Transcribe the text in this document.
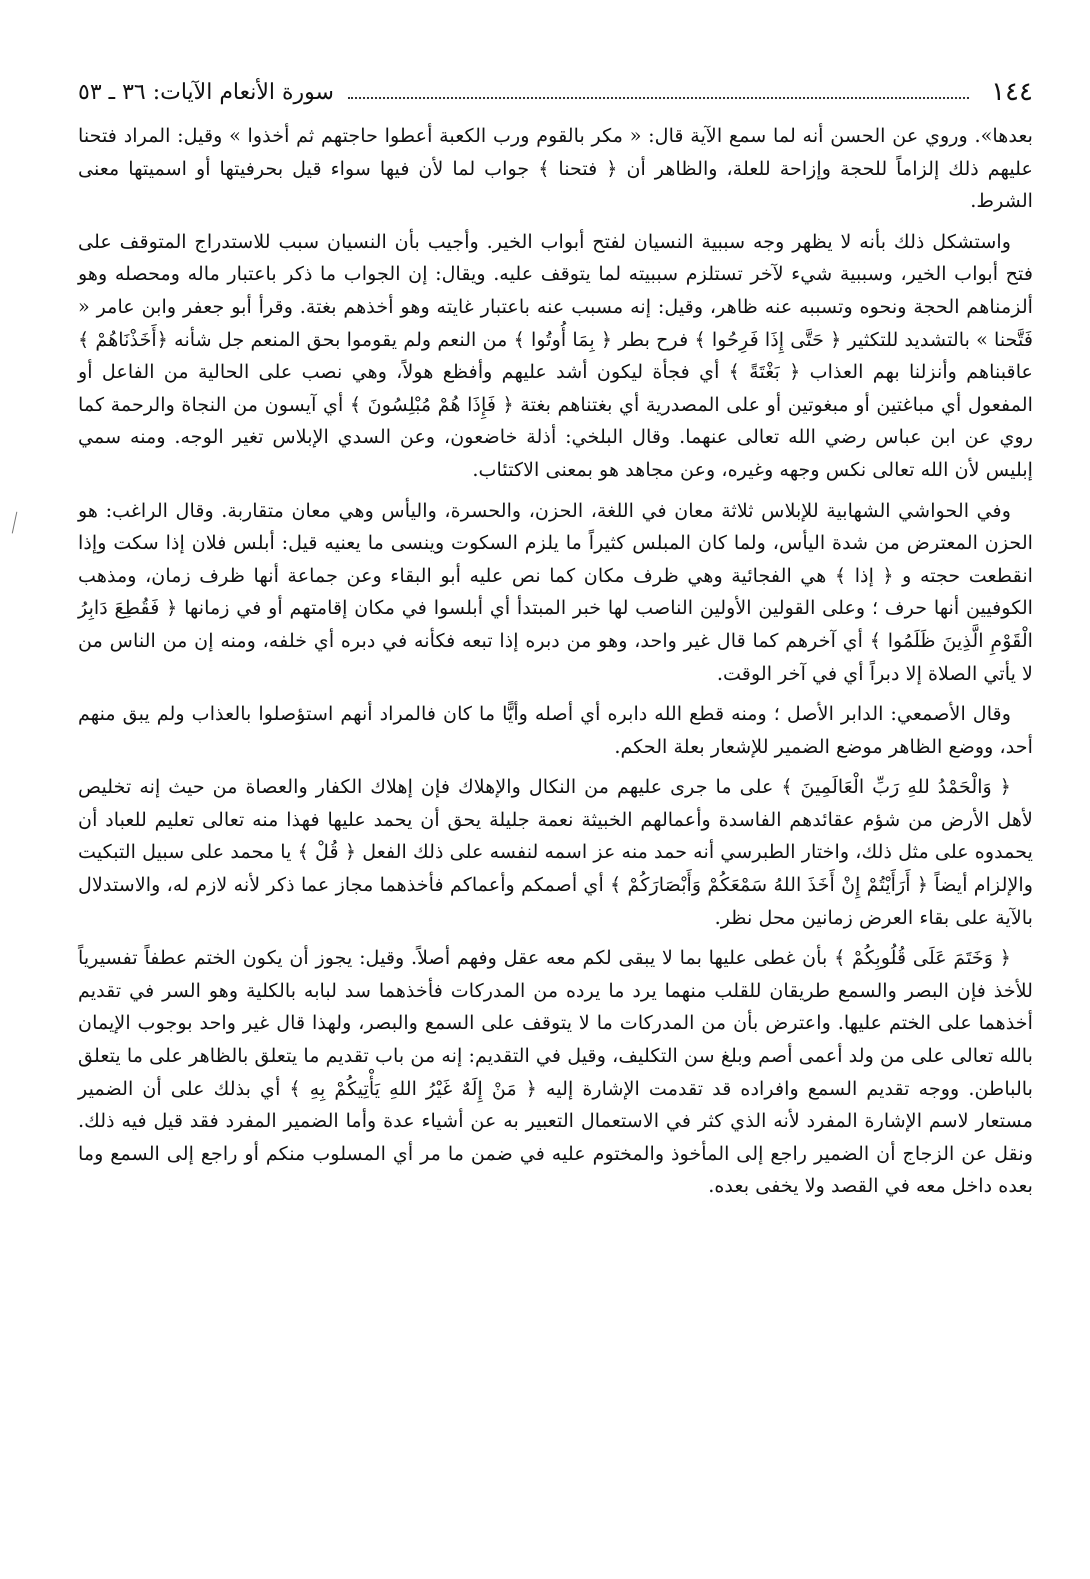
١٤٤
سورة الأنعام الآيات: ٣٦ ـ ٥٣

بعدها». وروي عن الحسن أنه لما سمع الآية قال: « مكر بالقوم ورب الكعبة أعطوا حاجتهم ثم أخذوا » وقيل: المراد فتحنا عليهم ذلك إلزاماً للحجة وإزاحة للعلة، والظاهر أن ﴿ فتحنا ﴾ جواب لما لأن فيها سواء قيل بحرفيتها أو اسميتها معنى الشرط.

واستشكل ذلك بأنه لا يظهر وجه سببية النسيان لفتح أبواب الخير. وأجيب بأن النسيان سبب للاستدراج المتوقف على فتح أبواب الخير، وسببية شيء لآخر تستلزم سببيته لما يتوقف عليه. ويقال: إن الجواب ما ذكر باعتبار ماله ومحصله وهو ألزمناهم الحجة ونحوه وتسببه عنه ظاهر، وقيل: إنه مسبب عنه باعتبار غايته وهو أخذهم بغتة. وقرأ أبو جعفر وابن عامر « فَتَّحنا » بالتشديد للتكثير ﴿ حَتَّى إِذَا فَرِحُوا ﴾ فرح بطر ﴿ بِمَا أُوتُوا ﴾ من النعم ولم يقوموا بحق المنعم جل شأنه ﴿أَخَذْنَاهُمْ ﴾ عاقبناهم وأنزلنا بهم العذاب ﴿ بَغْتَةً ﴾ أي فجأة ليكون أشد عليهم وأفظع هولاً، وهي نصب على الحالية من الفاعل أو المفعول أي مباغتين أو مبغوتين أو على المصدرية أي بغتناهم بغتة ﴿ فَإِذَا هُمْ مُبْلِسُونَ ﴾ أي آيسون من النجاة والرحمة كما روي عن ابن عباس رضي الله تعالى عنهما. وقال البلخي: أذلة خاضعون، وعن السدي الإبلاس تغير الوجه. ومنه سمي إبليس لأن الله تعالى نكس وجهه وغيره، وعن مجاهد هو بمعنى الاكتئاب.

وفي الحواشي الشهابية للإبلاس ثلاثة معان في اللغة، الحزن، والحسرة، واليأس وهي معان متقاربة. وقال الراغب: هو الحزن المعترض من شدة اليأس، ولما كان المبلس كثيراً ما يلزم السكوت وينسى ما يعنيه قيل: أبلس فلان إذا سكت وإذا انقطعت حجته و ﴿ إذا ﴾ هي الفجائية وهي ظرف مكان كما نص عليه أبو البقاء وعن جماعة أنها ظرف زمان، ومذهب الكوفيين أنها حرف ؛ وعلى القولين الأولين الناصب لها خبر المبتدأ أي أبلسوا في مكان إقامتهم أو في زمانها ﴿ فَقُطِعَ دَابِرُ الْقَوْمِ الَّذِينَ ظَلَمُوا ﴾ أي آخرهم كما قال غير واحد، وهو من دبره إذا تبعه فكأنه في دبره أي خلفه، ومنه إن من الناس من لا يأتي الصلاة إلا دبراً أي في آخر الوقت.

وقال الأصمعي: الدابر الأصل ؛ ومنه قطع الله دابره أي أصله وأيًّا ما كان فالمراد أنهم استؤصلوا بالعذاب ولم يبق منهم أحد، ووضع الظاهر موضع الضمير للإشعار بعلة الحكم.

﴿ وَالْحَمْدُ للهِ رَبِّ الْعَالَمِينَ ﴾ على ما جرى عليهم من النكال والإهلاك فإن إهلاك الكفار والعصاة من حيث إنه تخليص لأهل الأرض من شؤم عقائدهم الفاسدة وأعمالهم الخبيثة نعمة جليلة يحق أن يحمد عليها فهذا منه تعالى تعليم للعباد أن يحمدوه على مثل ذلك، واختار الطبرسي أنه حمد منه عز اسمه لنفسه على ذلك الفعل ﴿ قُلْ ﴾ يا محمد على سبيل التبكيت والإلزام أيضاً ﴿ أَرَأَيْتُمْ إِنْ أَخَذَ اللهُ سَمْعَكُمْ وَأَبْصَارَكُمْ ﴾ أي أصمكم وأعماكم فأخذهما مجاز عما ذكر لأنه لازم له، والاستدلال بالآية على بقاء العرض زمانين محل نظر.

﴿ وَخَتَمَ عَلَى قُلُوبِكُمْ ﴾ بأن غطى عليها بما لا يبقى لكم معه عقل وفهم أصلاً. وقيل: يجوز أن يكون الختم عطفاً تفسيرياً للأخذ فإن البصر والسمع طريقان للقلب منهما يرد ما يرده من المدركات فأخذهما سد لبابه بالكلية وهو السر في تقديم أخذهما على الختم عليها. واعترض بأن من المدركات ما لا يتوقف على السمع والبصر، ولهذا قال غير واحد بوجوب الإيمان بالله تعالى على من ولد أعمى أصم وبلغ سن التكليف، وقيل في التقديم: إنه من باب تقديم ما يتعلق بالظاهر على ما يتعلق بالباطن. ووجه تقديم السمع وافراده قد تقدمت الإشارة إليه ﴿ مَنْ إِلَهٌ غَيْرُ اللهِ يَأْتِيكُمْ بِهِ ﴾ أي بذلك على أن الضمير مستعار لاسم الإشارة المفرد لأنه الذي كثر في الاستعمال التعبير به عن أشياء عدة وأما الضمير المفرد فقد قيل فيه ذلك. ونقل عن الزجاج أن الضمير راجع إلى المأخوذ والمختوم عليه في ضمن ما مر أي المسلوب منكم أو راجع إلى السمع وما بعده داخل معه في القصد ولا يخفى بعده.
